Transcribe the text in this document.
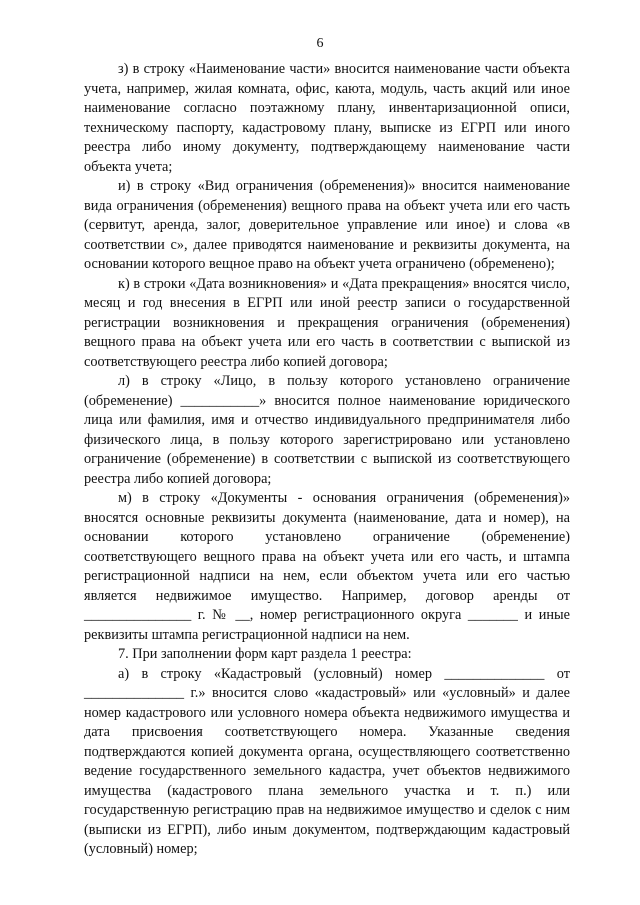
6

з) в строку «Наименование части» вносится наименование части объекта учета, например, жилая комната, офис, каюта, модуль, часть акций или иное наименование согласно поэтажному плану, инвентаризационной описи, техническому паспорту, кадастровому плану, выписке из ЕГРП или иного реестра либо иному документу, подтверждающему наименование части объекта учета;

и) в строку «Вид ограничения (обременения)» вносится наименование вида ограничения (обременения) вещного права на объект учета или его часть (сервитут, аренда, залог, доверительное управление или иное) и слова «в соответствии с», далее приводятся наименование и реквизиты документа, на основании которого вещное право на объект учета ограничено (обременено);

к) в строки «Дата возникновения» и «Дата прекращения» вносятся число, месяц и год внесения в ЕГРП или иной реестр записи о государственной регистрации возникновения и прекращения ограничения (обременения) вещного права на объект учета или его часть в соответствии с выпиской из соответствующего реестра либо копией договора;

л) в строку «Лицо, в пользу которого установлено ограничение (обременение) ___________» вносится полное наименование юридического лица или фамилия, имя и отчество индивидуального предпринимателя либо физического лица, в пользу которого зарегистрировано или установлено ограничение (обременение) в соответствии с выпиской из соответствующего реестра либо копией договора;

м) в строку «Документы - основания ограничения (обременения)» вносятся основные реквизиты документа (наименование, дата и номер), на основании которого установлено ограничение (обременение) соответствующего вещного права на объект учета или его часть, и штампа регистрационной надписи на нем, если объектом учета или его частью является недвижимое имущество. Например, договор аренды от _______________ г. № __, номер регистрационного округа _______ и иные реквизиты штампа регистрационной надписи на нем.

7. При заполнении форм карт раздела 1 реестра:

а) в строку «Кадастровый (условный) номер ______________ от ______________ г.» вносится слово «кадастровый» или «условный» и далее номер кадастрового или условного номера объекта недвижимого имущества и дата присвоения соответствующего номера. Указанные сведения подтверждаются копией документа органа, осуществляющего соответственно ведение государственного земельного кадастра, учет объектов недвижимого имущества (кадастрового плана земельного участка и т. п.) или государственную регистрацию прав на недвижимое имущество и сделок с ним (выписки из ЕГРП), либо иным документом, подтверждающим кадастровый (условный) номер;
